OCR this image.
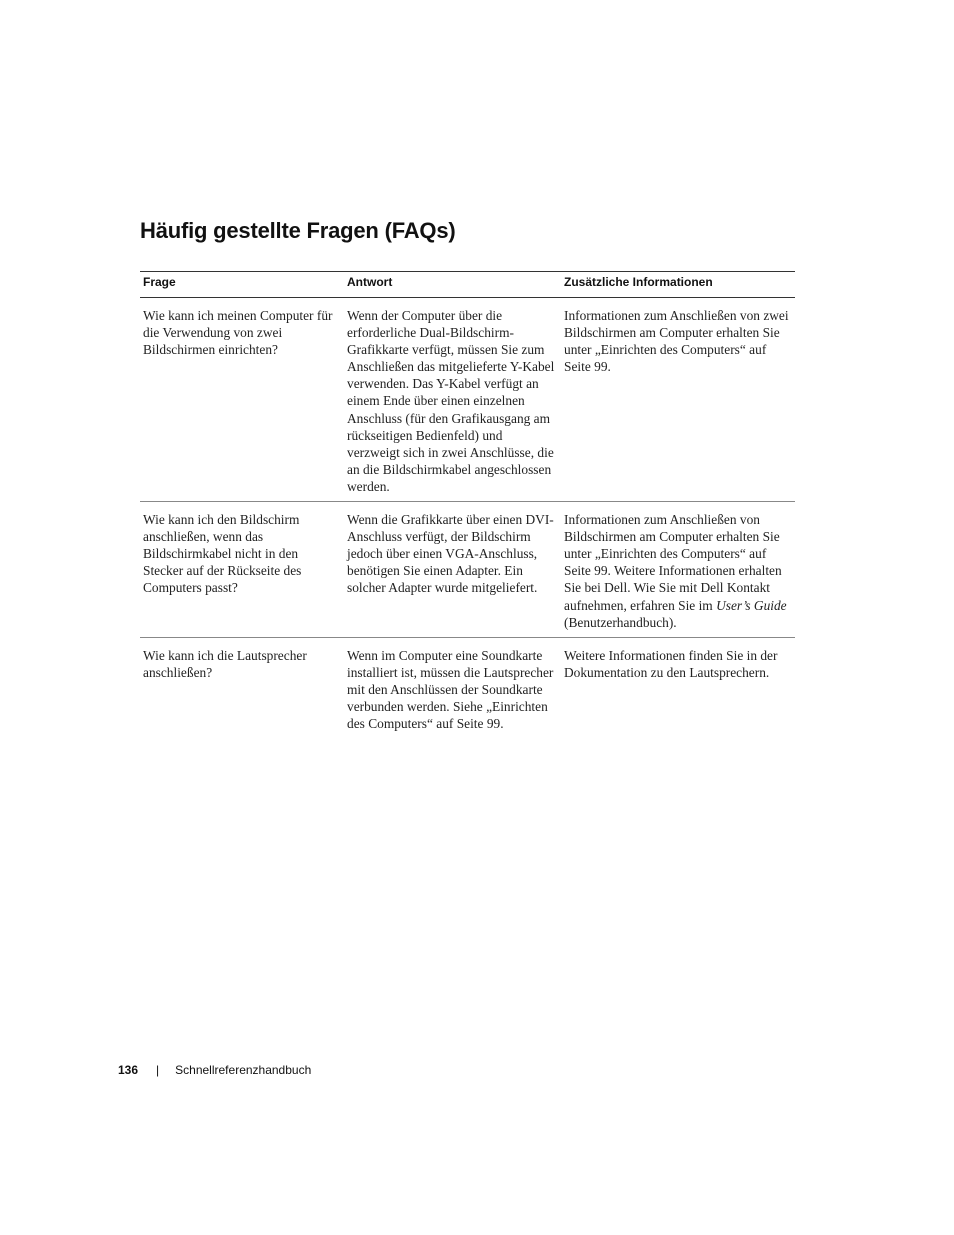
Häufig gestellte Fragen (FAQs)
Frage	Antwort	Zusätzliche Informationen

Wie kann ich meinen Computer für die Verwendung von zwei Bildschirmen einrichten?	Wenn der Computer über die erforderliche Dual-Bildschirm-Grafikkarte verfügt, müssen Sie zum Anschließen das mitgelieferte Y-Kabel verwenden. Das Y-Kabel verfügt an einem Ende über einen einzelnen Anschluss (für den Grafikausgang am rückseitigen Bedienfeld) und verzweigt sich in zwei Anschlüsse, die an die Bildschirmkabel angeschlossen werden.	Informationen zum Anschließen von zwei Bildschirmen am Computer erhalten Sie unter „Einrichten des Computers“ auf Seite 99.

Wie kann ich den Bildschirm anschließen, wenn das Bildschirmkabel nicht in den Stecker auf der Rückseite des Computers passt?	Wenn die Grafikkarte über einen DVI-Anschluss verfügt, der Bildschirm jedoch über einen VGA-Anschluss, benötigen Sie einen Adapter. Ein solcher Adapter wurde mitgeliefert.	Informationen zum Anschließen von Bildschirmen am Computer erhalten Sie unter „Einrichten des Computers“ auf Seite 99. Weitere Informationen erhalten Sie bei Dell. Wie Sie mit Dell Kontakt aufnehmen, erfahren Sie im User’s Guide (Benutzerhandbuch).

Wie kann ich die Lautsprecher anschließen?	Wenn im Computer eine Soundkarte installiert ist, müssen die Lautsprecher mit den Anschlüssen der Soundkarte verbunden werden. Siehe „Einrichten des Computers“ auf Seite 99.	Weitere Informationen finden Sie in der Dokumentation zu den Lautsprechern.
136 | Schnellreferenzhandbuch
